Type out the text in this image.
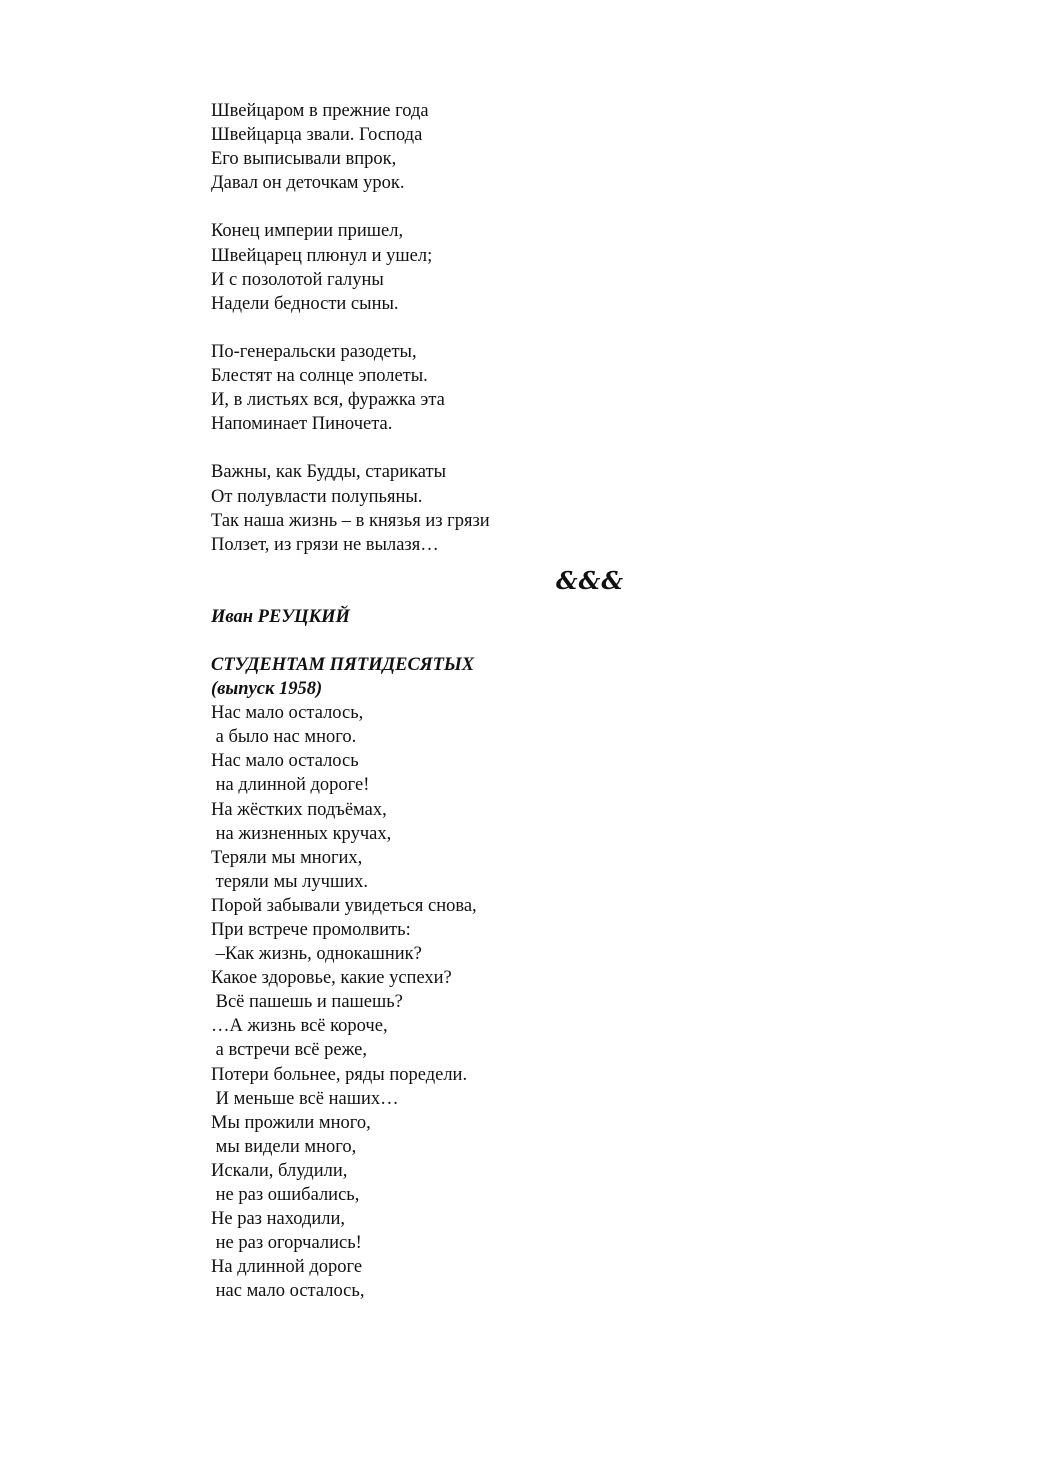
Швейцаром в прежние года
Швейцарца звали. Господа
Его выписывали впрок,
Давал он деточкам урок.
Конец империи пришел,
Швейцарец плюнул и ушел;
И с позолотой галуны
Надели бедности сыны.
По-генеральски разодеты,
Блестят на солнце эполеты.
И, в листьях вся, фуражка эта
Напоминает Пиночета.
Важны, как Будды, старикаты
От полувласти полупьяны.
Так наша жизнь – в князья из грязи
Ползет, из грязи не вылазя…
&&&
Иван РЕУЦКИЙ
СТУДЕНТАМ ПЯТИДЕСЯТЫХ
(выпуск 1958)
Нас мало осталось,
а было нас много.
Нас мало осталось
на длинной дороге!
На жёстких подъёмах,
на жизненных кручах,
Теряли мы многих,
теряли мы лучших.
Порой забывали увидеться снова,
При встрече промолвить:
–Как жизнь, однокашник?
Какое здоровье, какие успехи?
Всё пашешь и пашешь?
…А жизнь всё короче,
а встречи всё реже,
Потери больнее, ряды поредели.
И меньше всё наших…
Мы прожили много,
мы видели много,
Искали, блудили,
не раз ошибались,
Не раз находили,
не раз огорчались!
На длинной дороге
нас мало осталось,
